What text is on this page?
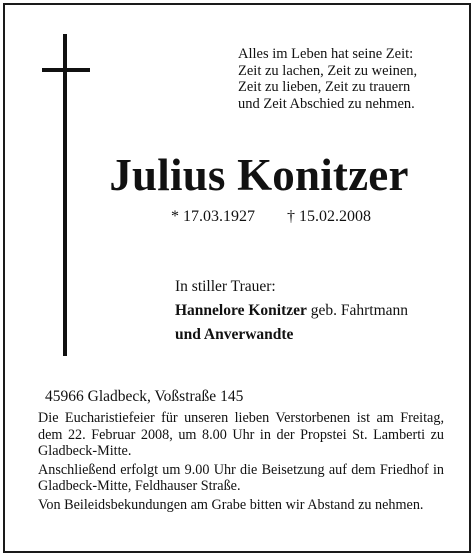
Alles im Leben hat seine Zeit:
Zeit zu lachen, Zeit zu weinen,
Zeit zu lieben, Zeit zu trauern
und Zeit Abschied zu nehmen.
Julius Konitzer
* 17.03.1927 † 15.02.2008
In stiller Trauer:
Hannelore Konitzer geb. Fahrtmann
und Anverwandte
45966 Gladbeck, Voßstraße 145

Die Eucharistiefeier für unseren lieben Verstorbenen ist am Freitag, dem 22. Februar 2008, um 8.00 Uhr in der Propstei St. Lamberti zu Gladbeck-Mitte.

Anschließend erfolgt um 9.00 Uhr die Beisetzung auf dem Friedhof in Gladbeck-Mitte, Feldhauser Straße.

Von Beileidsbekundungen am Grabe bitten wir Abstand zu nehmen.
